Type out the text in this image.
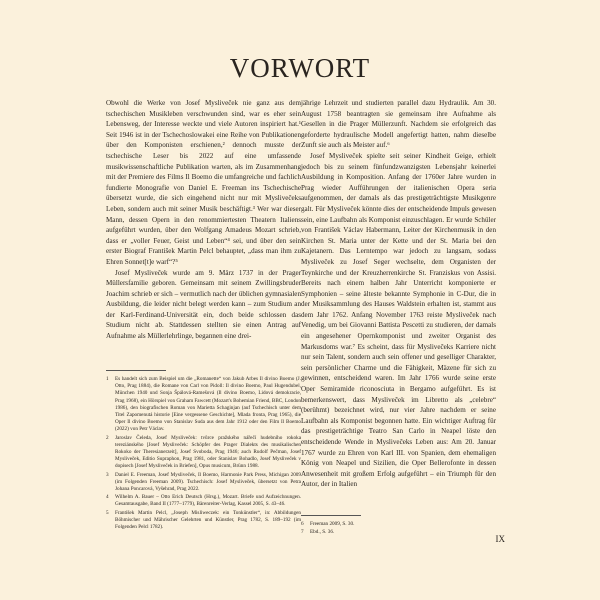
VORWORT

Obwohl die Werke von Josef Mysliveček nie ganz aus dem tschechischen Musikleben verschwunden sind, war es eher sein Lebensweg, der Interesse weckte und viele Autoren inspiriert hat.¹ Seit 1946 ist in der Tschechoslowakei eine Reihe von Publikationen über den Komponisten erschienen,² dennoch musste der tschechische Leser bis 2022 auf eine umfassende musikwissenschaftliche Publikation warten, als im Zusammenhang mit der Premiere des Films Il Boemo die umfangreiche und fachlich fundierte Monografie von Daniel E. Freeman ins Tschechische übersetzt wurde, die sich eingehend nicht nur mit Myslivečeks Leben, sondern auch mit seiner Musik beschäftigt.³ Wer war dieser Mann, dessen Opern in den renommiertesten Theatern Italiens aufgeführt wurden, über den Wolfgang Amadeus Mozart schrieb, dass er „voller Feuer, Geist und Leben“⁴ sei, und über den sein erster Biograf František Martin Pelcl behauptet, „dass man ihm zu Ehren Sonnet[t]e warf“?⁵

Josef Mysliveček wurde am 9. März 1737 in der Prager Müllersfamilie geboren. Gemeinsam mit seinem Zwillingsbruder Joachim schrieb er sich – vermutlich nach der üblichen gymnasialen Ausbildung, die leider nicht belegt werden kann – zum Studium an der Karl-Ferdinand-Universität ein, doch beide schlossen das Studium nicht ab. Stattdessen stellten sie einen Antrag auf Aufnahme als Müllerlehrlinge, begannen eine drei-

jährige Lehrzeit und studierten parallel dazu Hydraulik. Am 30. August 1758 beantragten sie gemeinsam ihre Aufnahme als Gesellen in die Prager Müllerzunft. Nachdem sie erfolgreich das geforderte hydraulische Modell angefertigt hatten, nahm dieselbe Zunft sie auch als Meister auf.⁶

Josef Mysliveček spielte seit seiner Kindheit Geige, erhielt jedoch bis zu seinem fünfundzwanzigsten Lebensjahr keinerlei Ausbildung in Komposition. Anfang der 1760er Jahre wurden in Prag wieder Aufführungen der italienischen Opera seria aufgenommen, der damals als das prestigeträchtigste Musikgenre galt. Für Mysliveček könnte dies der entscheidende Impuls gewesen sein, eine Laufbahn als Komponist einzuschlagen. Er wurde Schüler von František Václav Habermann, Leiter der Kirchenmusik in den Kirchen St. Maria unter der Kette und der St. Maria bei den Kajetanern. Das Lerntempo war jedoch zu langsam, sodass Mysliveček zu Josef Seger wechselte, dem Organisten der Teynkirche und der Kreuzherrenkirche St. Franziskus von Assisi. Bereits nach einem halben Jahr Unterricht komponierte er Symphonien – seine älteste bekannte Symphonie in C-Dur, die in der Musiksammlung des Hauses Waldstein erhalten ist, stammt aus dem Jahr 1762. Anfang November 1763 reiste Mysliveček nach Venedig, um bei Giovanni Battista Pescetti zu studieren, der damals ein angesehener Opernkomponist und zweiter Organist des Markusdoms war.⁷ Es scheint, dass für Myslivečeks Karriere nicht nur sein Talent, sondern auch sein offener und geselliger Charakter, sein persönlicher Charme und die Fähigkeit, Mäzene für sich zu gewinnen, entscheidend waren. Im Jahr 1766 wurde seine erste Oper Semiramide riconosciuta in Bergamo aufgeführt. Es ist bemerkenswert, dass Mysliveček im Libretto als „celebre“ (berühmt) bezeichnet wird, nur vier Jahre nachdem er seine Laufbahn als Komponist begonnen hatte. Ein wichtiger Auftrag für das prestigeträchtige Teatro San Carlo in Neapel löste den entscheidende Wende in Myslivečeks Leben aus: Am 20. Januar 1767 wurde zu Ehren von Karl III. von Spanien, dem ehemaligen König von Neapel und Sizilien, die Oper Bellerofonte in dessen Anwesenheit mit großem Erfolg aufgeführt – ein Triumph für den Autor, der in Italien

1 Es handelt sich zum Beispiel um die „Romanette“ von Jakub Arbes Il divino Boemo (J. Otto, Prag 1884), die Romane von Carl von Pidoll: Il divino Boemo, Paul Hugendubel, München 1940 und Sonja Špálová-Ramešová (Il divino Boemo, Lidová demokracie, Prag 1968), ein Hörspiel von Graham Fawcett (Mozart's Bohemian Friend, BBC, London 1986), den biografischen Roman von Marietta Schaginjan (auf Tschechisch unter dem Titel Zapomenutá historie [Eine vergessene Geschichte], Mlada fronta, Prag 1965), die Oper Il divino Boemo von Stanislav Suda aus dem Jahr 1912 oder den Film Il Boemo (2022) von Petr Václav.
2 Jaroslav Čeleda, Josef Mysliveček: tvůrce pražského nářečí hudebního rokoka tereziánského [Josef Mysliveček: Schöpfer des Prager Dialekts des musikalischen Rokoko der Theresianerzeit], Josef Svoboda, Prag 1946; auch Rudolf Pečman, Josef Mysliveček, Editio Supraphon, Prag 1981, oder Stanislav Bohadlo, Josef Mysliveček v dopisech [Josef Mysliveček in Briefen], Opus musicum, Brünn 1988.
3 Daniel E. Freeman, Josef Mysliveček, Il Boemo, Harmonie Park Press, Michigan 2009 (im Folgenden Freeman 2009). Tschechisch: Josef Mysliveček, übersetzt von Petra Johana Poncarová, Vyšehrad, Prag 2022.
4 Wilhelm A. Bauer – Otto Erich Deutsch (Hrsg.), Mozart. Briefe und Aufzeichnungen. Gesamtausgabe, Band II (1777–1779), Bärenreiter-Verlag, Kassel 2005, S. 43–46.
5 František Martin Pelcl, „Joseph Misliweczek: ein Tonkünstler“, in: Abbildungen Böhmischer und Mährischer Gelehrten und Künstler, Prag 1782, S. 189–192 (im Folgenden Pelcl 1782).
6 Freeman 2009, S. 30.
7 Ebd., S. 36.
IX
